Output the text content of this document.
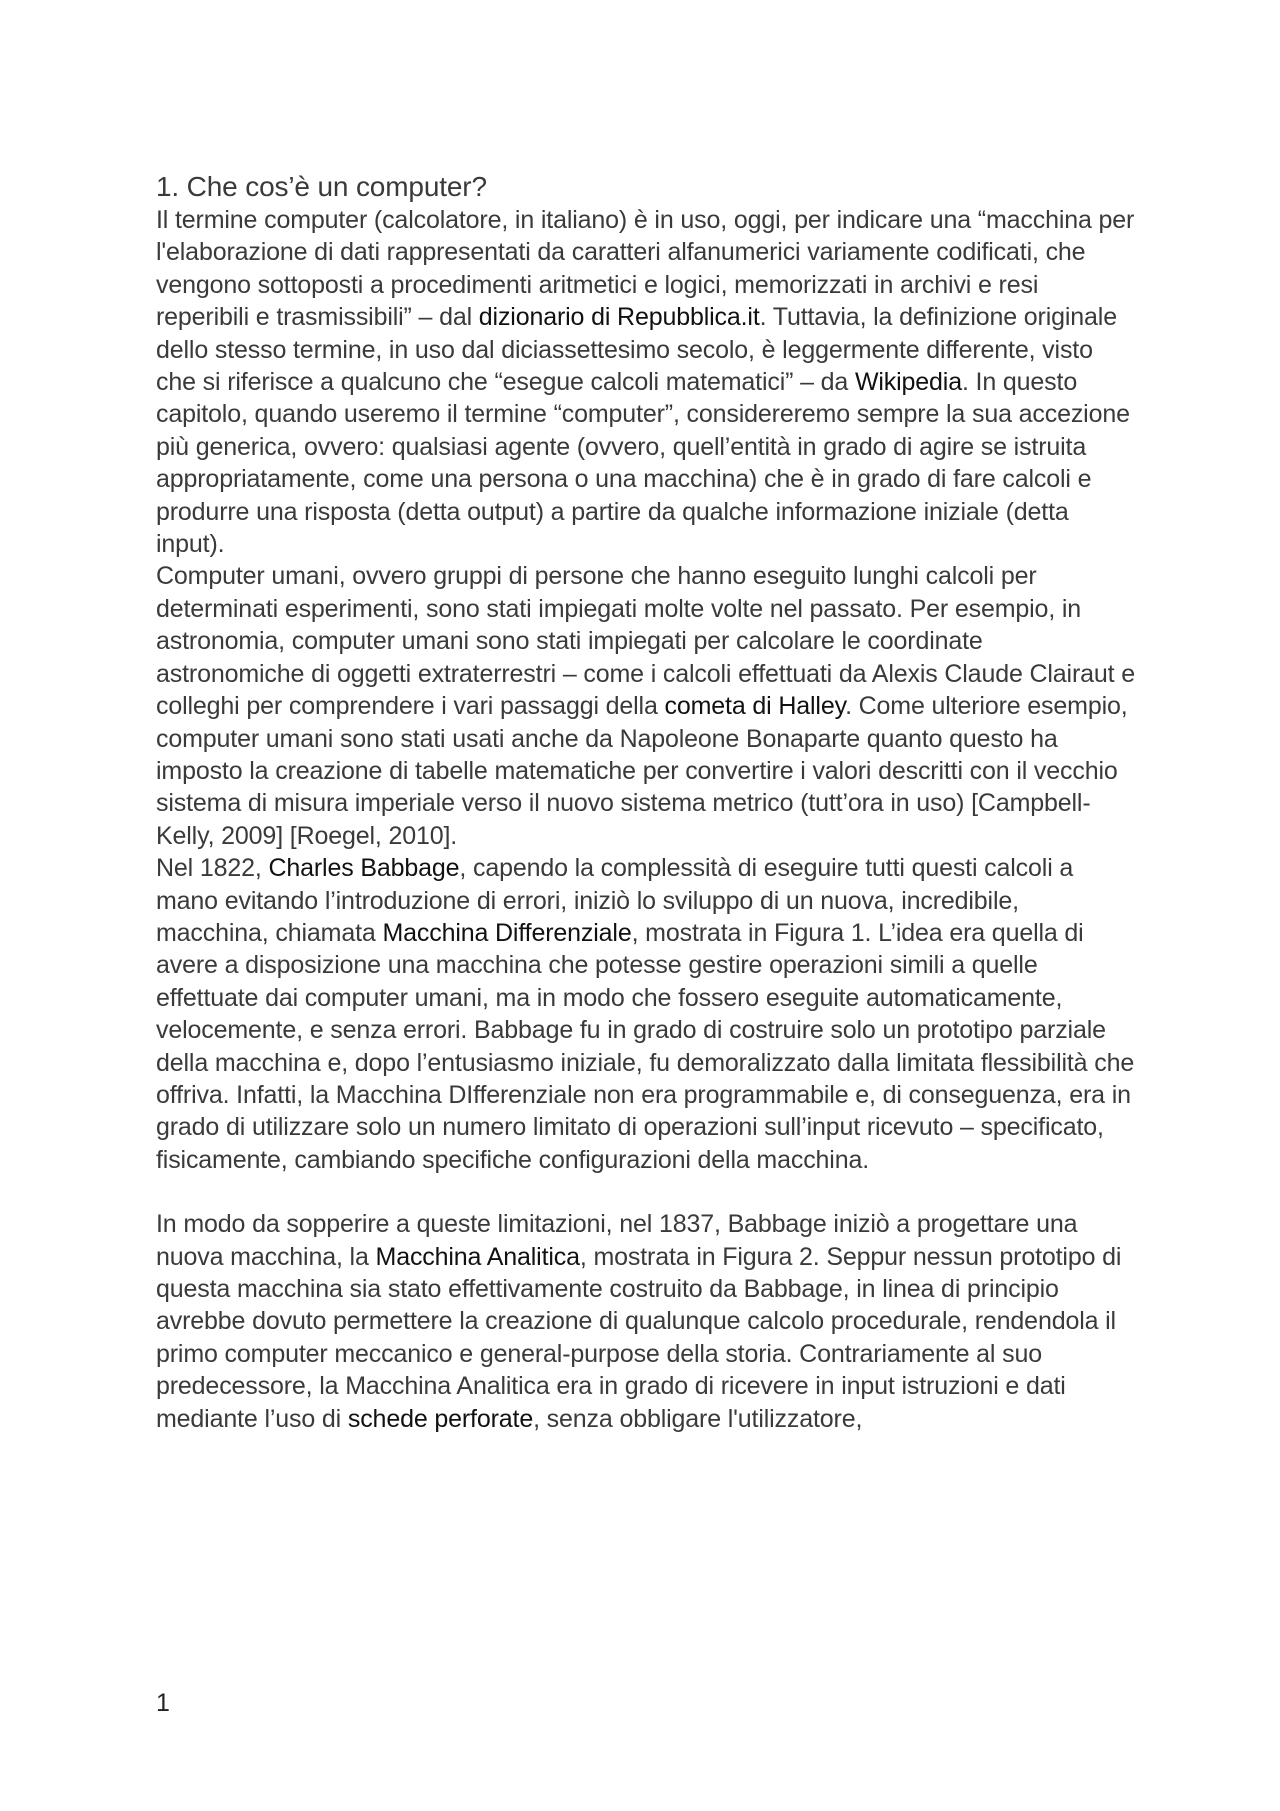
1. Che cos’è un computer?

Il termine computer (calcolatore, in italiano) è in uso, oggi, per indicare una “macchina per l'elaborazione di dati rappresentati da caratteri alfanumerici variamente codificati, che vengono sottoposti a procedimenti aritmetici e logici, memorizzati in archivi e resi reperibili e trasmissibili” – dal dizionario di Repubblica.it. Tuttavia, la definizione originale dello stesso termine, in uso dal diciassettesimo secolo, è leggermente differente, visto che si riferisce a qualcuno che “esegue calcoli matematici” – da Wikipedia. In questo capitolo, quando useremo il termine “computer”, considereremo sempre la sua accezione più generica, ovvero: qualsiasi agente (ovvero, quell’entità in grado di agire se istruita appropriatamente, come una persona o una macchina) che è in grado di fare calcoli e produrre una risposta (detta output) a partire da qualche informazione iniziale (detta input).

Computer umani, ovvero gruppi di persone che hanno eseguito lunghi calcoli per determinati esperimenti, sono stati impiegati molte volte nel passato. Per esempio, in astronomia, computer umani sono stati impiegati per calcolare le coordinate astronomiche di oggetti extraterrestri – come i calcoli effettuati da Alexis Claude Clairaut e colleghi per comprendere i vari passaggi della cometa di Halley. Come ulteriore esempio, computer umani sono stati usati anche da Napoleone Bonaparte quanto questo ha imposto la creazione di tabelle matematiche per convertire i valori descritti con il vecchio sistema di misura imperiale verso il nuovo sistema metrico (tutt’ora in uso) [Campbell-Kelly, 2009] [Roegel, 2010].

Nel 1822, Charles Babbage, capendo la complessità di eseguire tutti questi calcoli a mano evitando l’introduzione di errori, iniziò lo sviluppo di un nuova, incredibile, macchina, chiamata Macchina Differenziale, mostrata in Figura 1. L’idea era quella di avere a disposizione una macchina che potesse gestire operazioni simili a quelle effettuate dai computer umani, ma in modo che fossero eseguite automaticamente, velocemente, e senza errori. Babbage fu in grado di costruire solo un prototipo parziale della macchina e, dopo l’entusiasmo iniziale, fu demoralizzato dalla limitata flessibilità che offriva. Infatti, la Macchina DIfferenziale non era programmabile e, di conseguenza, era in grado di utilizzare solo un numero limitato di operazioni sull’input ricevuto – specificato, fisicamente, cambiando specifiche configurazioni della macchina.

In modo da sopperire a queste limitazioni, nel 1837, Babbage iniziò a progettare una nuova macchina, la Macchina Analitica, mostrata in Figura 2. Seppur nessun prototipo di questa macchina sia stato effettivamente costruito da Babbage, in linea di principio avrebbe dovuto permettere la creazione di qualunque calcolo procedurale, rendendola il primo computer meccanico e general-purpose della storia. Contrariamente al suo predecessore, la Macchina Analitica era in grado di ricevere in input istruzioni e dati mediante l’uso di schede perforate, senza obbligare l'utilizzatore,

1
